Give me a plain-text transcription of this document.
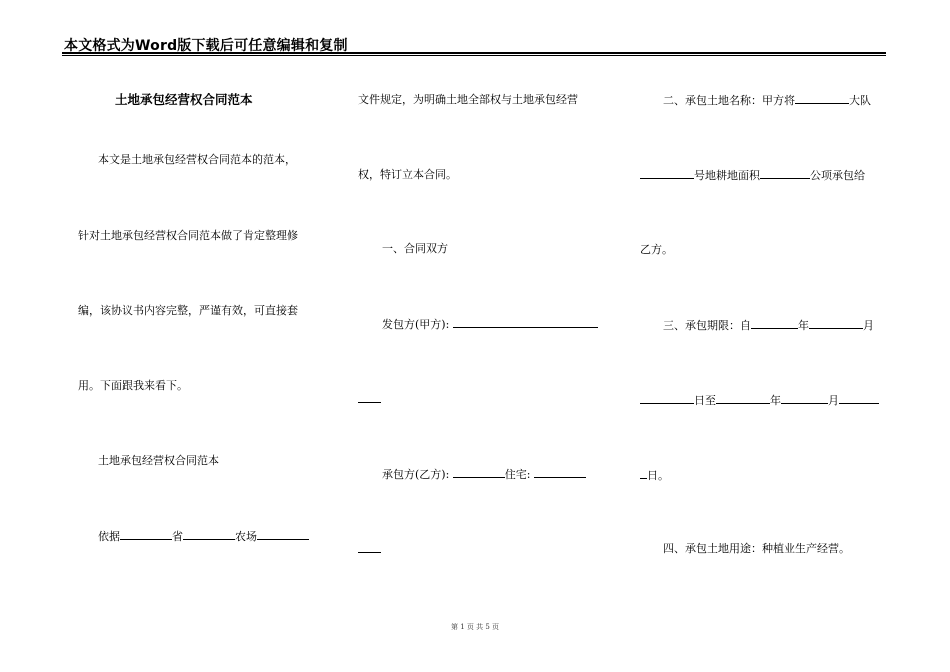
本文格式为Word版下载后可任意编辑和复制
土地承包经营权合同范本
本文是土地承包经营权合同范本的范本，
针对土地承包经营权合同范本做了肯定整理修
编，该协议书内容完整，严谨有效，可直接套
用。下面跟我来看下。
土地承包经营权合同范本
依据	省	农场
文件规定，为明确土地全部权与土地承包经营
权，特订立本合同。
一、合同双方
发包方(甲方):
承包方(乙方):	住宅:
二、承包土地名称：甲方将	大队
号地耕地面积	公项承包给
乙方。
三、承包期限：自	年	月
日至	年	月
日。
四、承包土地用途：种植业生产经营。
第 1 页 共 5 页
